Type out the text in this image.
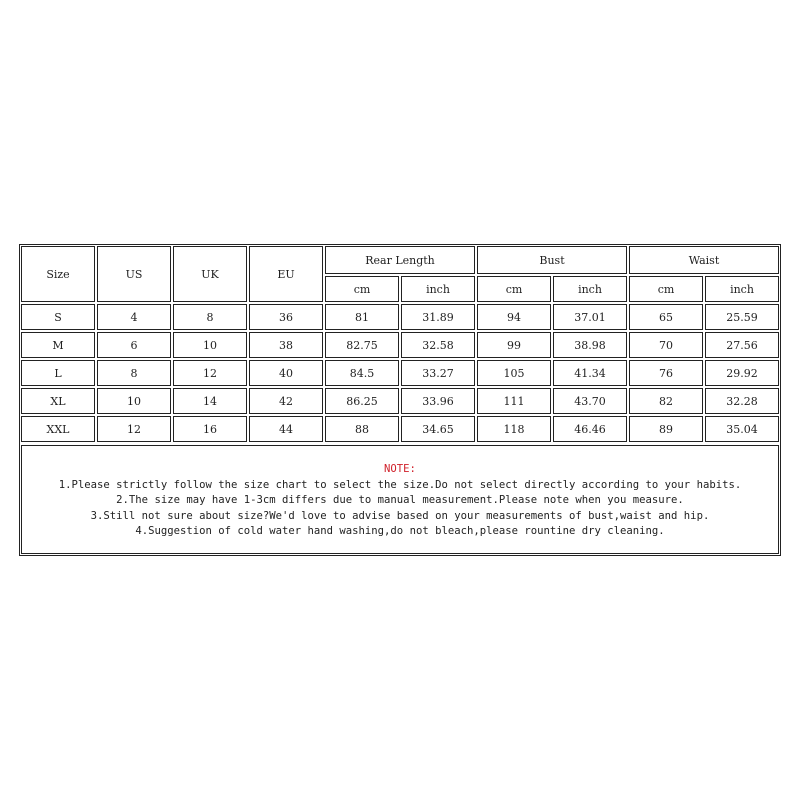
Size	US	UK	EU
Rear Length	Bust	Waist
cm	inch	cm	inch	cm	inch
S	4	8	36	81	31.89	94	37.01	65	25.59
M	6	10	38	82.75	32.58	99	38.98	70	27.56
L	8	12	40	84.5	33.27	105	41.34	76	29.92
XL	10	14	42	86.25	33.96	111	43.70	82	32.28
XXL	12	16	44	88	34.65	118	46.46	89	35.04
NOTE:
1.Please strictly follow the size chart to select the size.Do not select directly according to your habits.
2.The size may have 1-3cm differs due to manual measurement.Please note when you measure.
3.Still not sure about size?We'd love to advise based on your measurements of bust,waist and hip.
4.Suggestion of cold water hand washing,do not bleach,please rountine dry cleaning.
